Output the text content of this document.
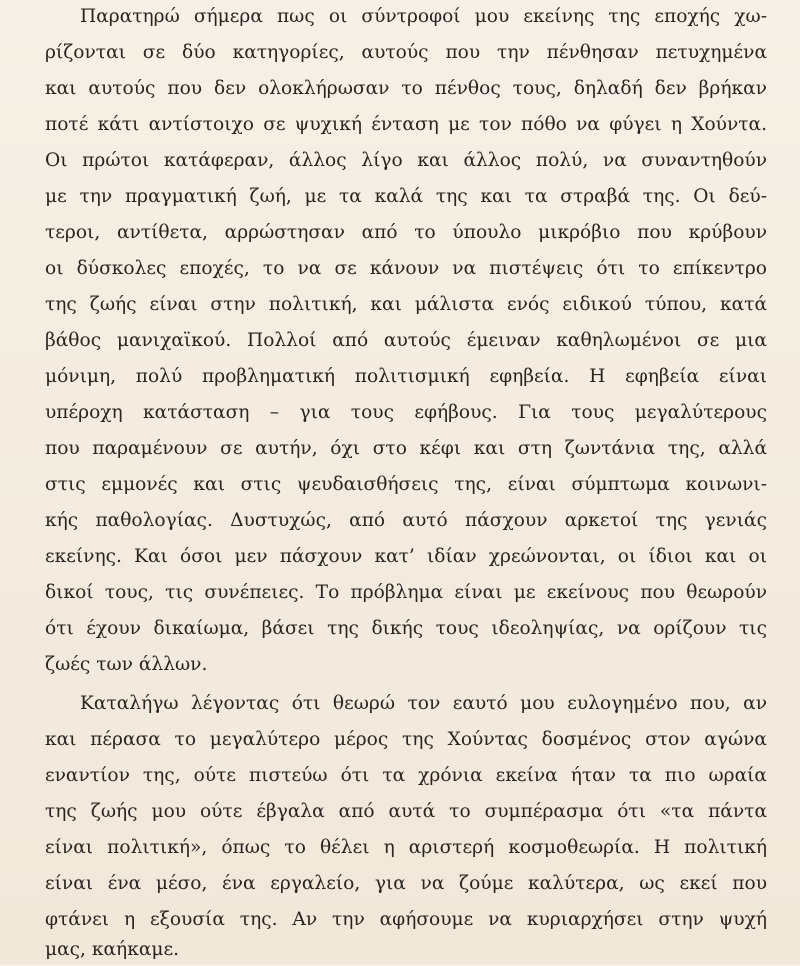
Παρατηρώ σήμερα πως οι σύντροφοί μου εκείνης της εποχής χω-
ρίζονται σε δύο κατηγορίες, αυτούς που την πένθησαν πετυχημένα
και αυτούς που δεν ολοκλήρωσαν το πένθος τους, δηλαδή δεν βρήκαν
ποτέ κάτι αντίστοιχο σε ψυχική ένταση με τον πόθο να φύγει η Χούντα.
Οι πρώτοι κατάφεραν, άλλος λίγο και άλλος πολύ, να συναντηθούν
με την πραγματική ζωή, με τα καλά της και τα στραβά της. Οι δεύ-
τεροι, αντίθετα, αρρώστησαν από το ύπουλο μικρόβιο που κρύβουν
οι δύσκολες εποχές, το να σε κάνουν να πιστέψεις ότι το επίκεντρο
της ζωής είναι στην πολιτική, και μάλιστα ενός ειδικού τύπου, κατά
βάθος μανιχαϊκού. Πολλοί από αυτούς έμειναν καθηλωμένοι σε μια
μόνιμη, πολύ προβληματική πολιτισμική εφηβεία. Η εφηβεία είναι
υπέροχη κατάσταση – για τους εφήβους. Για τους μεγαλύτερους
που παραμένουν σε αυτήν, όχι στο κέφι και στη ζωντάνια της, αλλά
στις εμμονές και στις ψευδαισθήσεις της, είναι σύμπτωμα κοινωνι-
κής παθολογίας. Δυστυχώς, από αυτό πάσχουν αρκετοί της γενιάς
εκείνης. Και όσοι μεν πάσχουν κατ’ ιδίαν χρεώνονται, οι ίδιοι και οι
δικοί τους, τις συνέπειες. Το πρόβλημα είναι με εκείνους που θεωρούν
ότι έχουν δικαίωμα, βάσει της δικής τους ιδεοληψίας, να ορίζουν τις
ζωές των άλλων.
Καταλήγω λέγοντας ότι θεωρώ τον εαυτό μου ευλογημένο που, αν
και πέρασα το μεγαλύτερο μέρος της Χούντας δοσμένος στον αγώνα
εναντίον της, ούτε πιστεύω ότι τα χρόνια εκείνα ήταν τα πιο ωραία
της ζωής μου ούτε έβγαλα από αυτά το συμπέρασμα ότι «τα πάντα
είναι πολιτική», όπως το θέλει η αριστερή κοσμοθεωρία. Η πολιτική
είναι ένα μέσο, ένα εργαλείο, για να ζούμε καλύτερα, ως εκεί που
φτάνει η εξουσία της. Αν την αφήσουμε να κυριαρχήσει στην ψυχή
μας, καήκαμε.
